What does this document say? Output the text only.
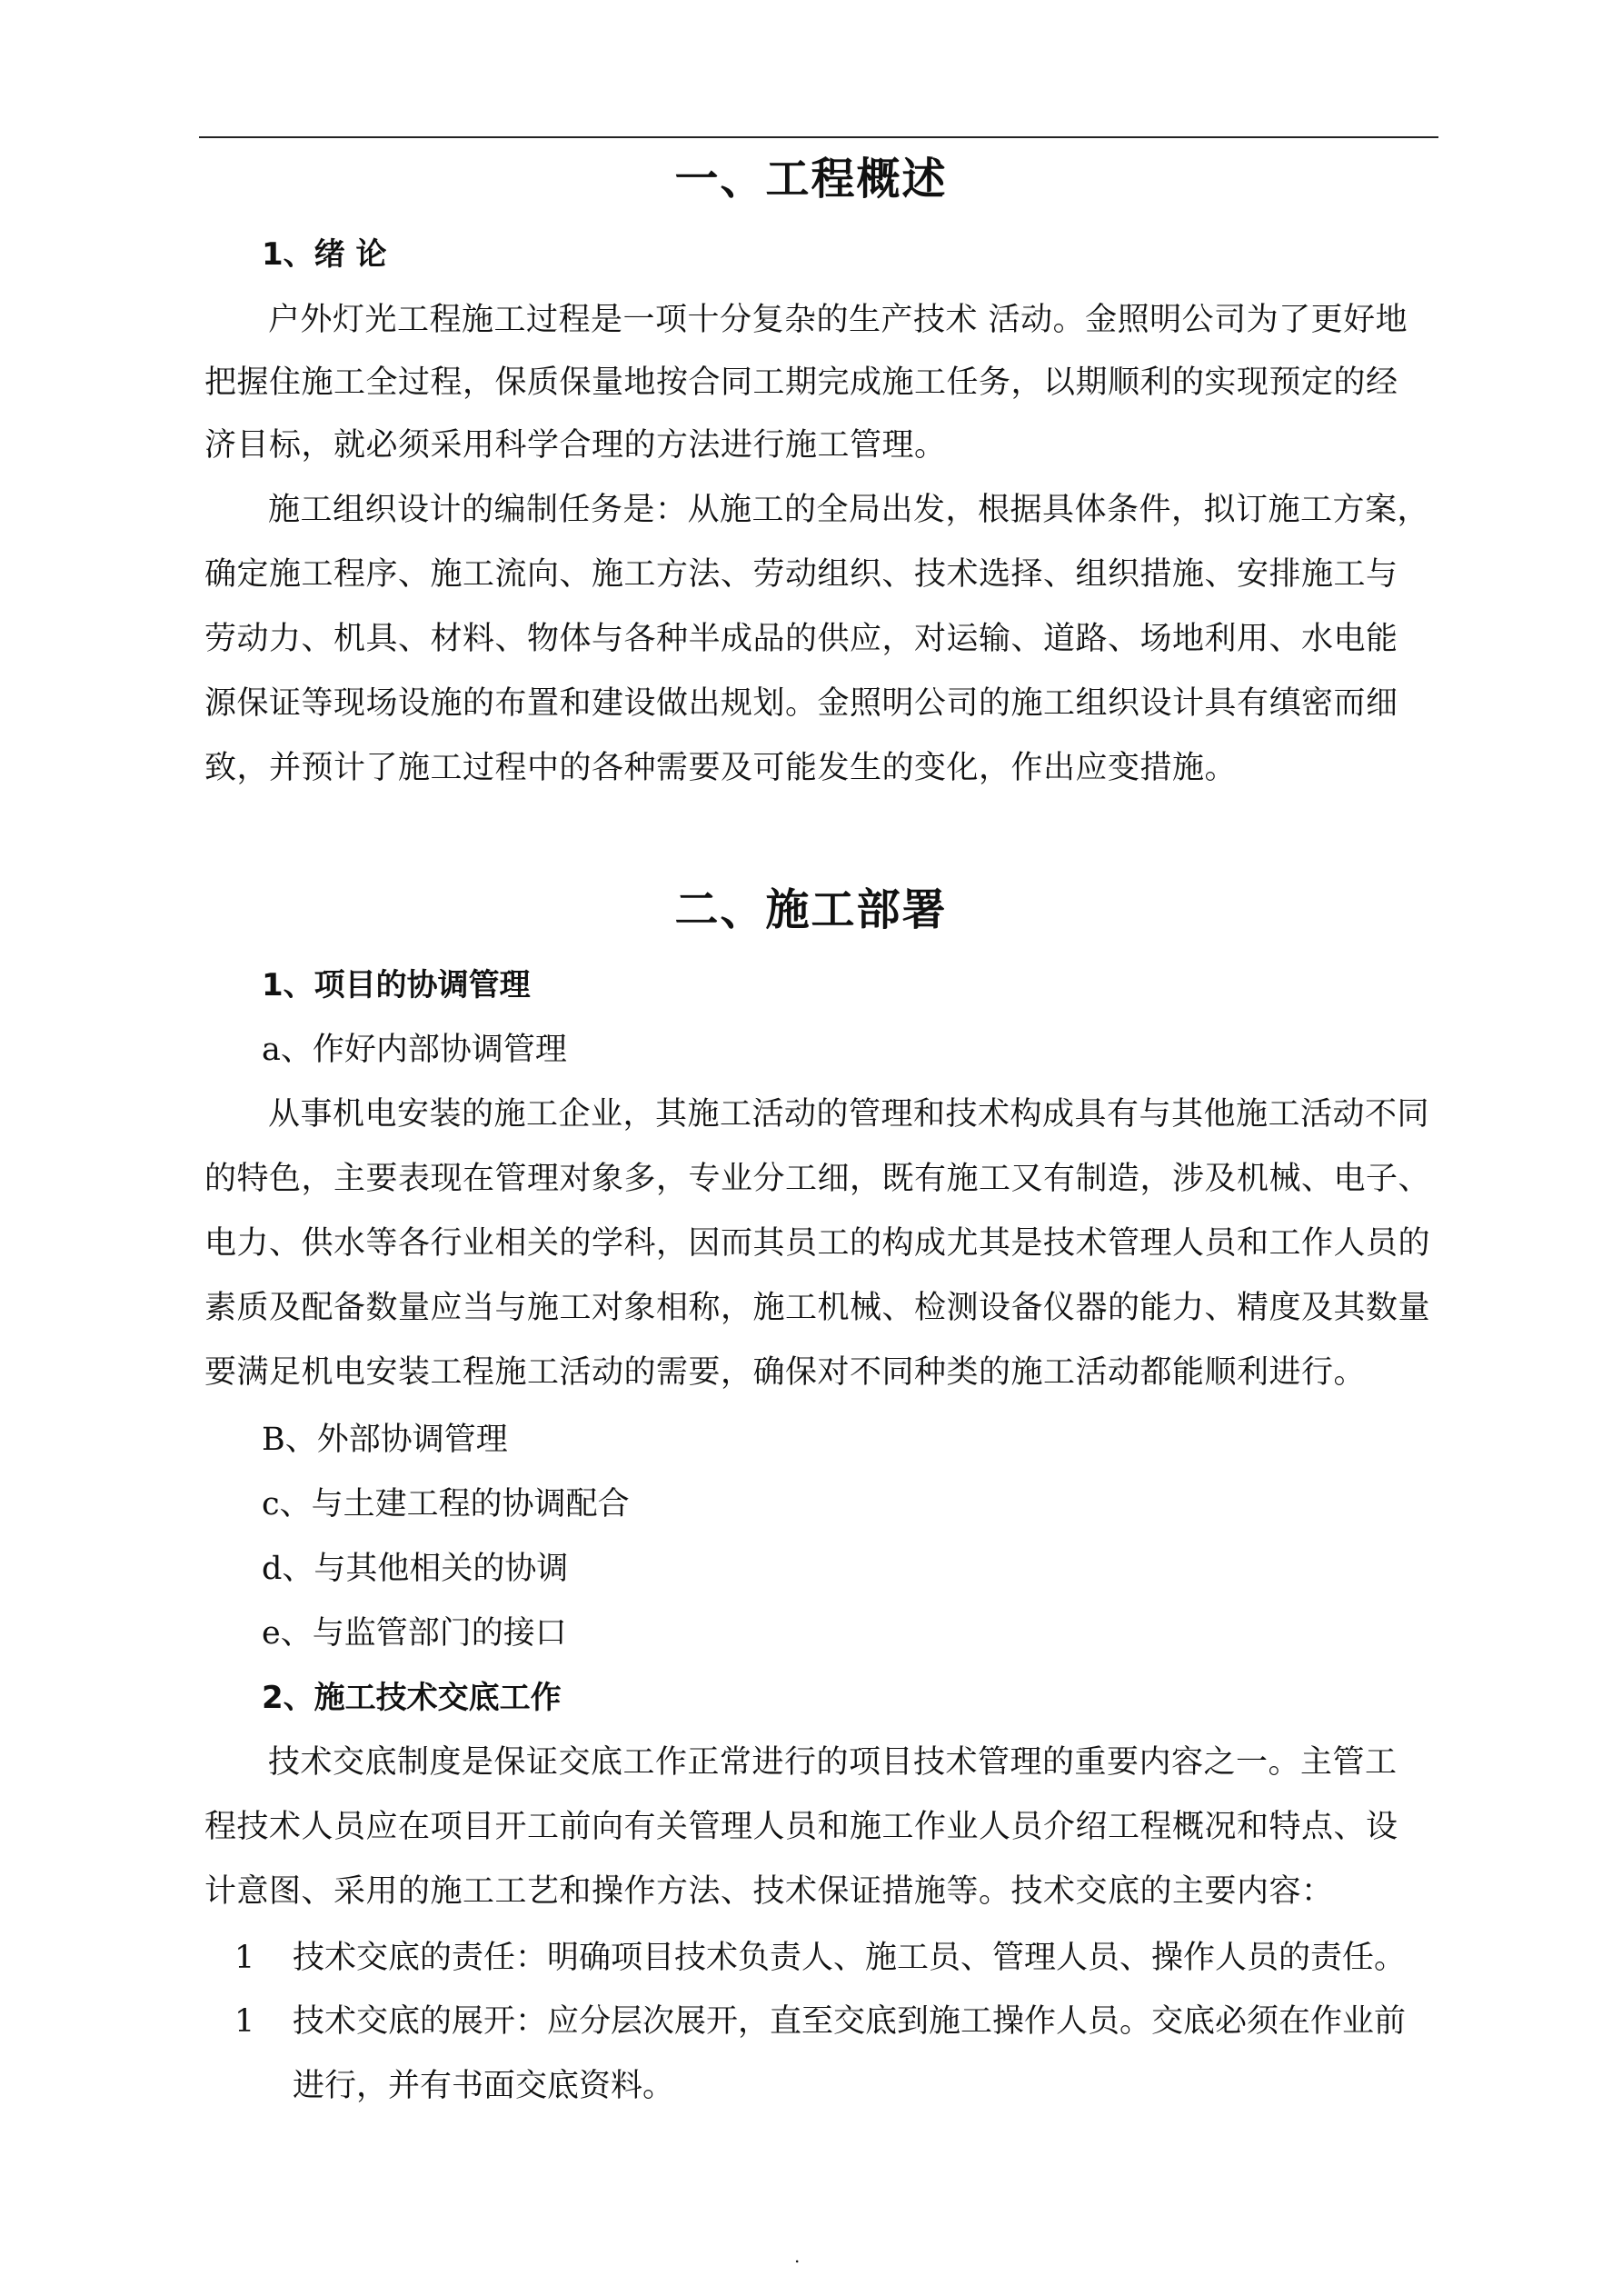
一、工程概述
1、绪 论
户外灯光工程施工过程是一项十分复杂的生产技术 活动。金照明公司为了更好地
把握住施工全过程，保质保量地按合同工期完成施工任务，以期顺利的实现预定的经
济目标，就必须采用科学合理的方法进行施工管理。
施工组织设计的编制任务是：从施工的全局出发，根据具体条件，拟订施工方案，
确定施工程序、施工流向、施工方法、劳动组织、技术选择、组织措施、安排施工与
劳动力、机具、材料、物体与各种半成品的供应，对运输、道路、场地利用、水电能
源保证等现场设施的布置和建设做出规划。金照明公司的施工组织设计具有缜密而细
致，并预计了施工过程中的各种需要及可能发生的变化，作出应变措施。
二、施工部署
1、项目的协调管理
a、作好内部协调管理
从事机电安装的施工企业，其施工活动的管理和技术构成具有与其他施工活动不同
的特色，主要表现在管理对象多，专业分工细，既有施工又有制造，涉及机械、电子、
电力、供水等各行业相关的学科，因而其员工的构成尤其是技术管理人员和工作人员的
素质及配备数量应当与施工对象相称，施工机械、检测设备仪器的能力、精度及其数量
要满足机电安装工程施工活动的需要，确保对不同种类的施工活动都能顺利进行。
B、外部协调管理
c、与土建工程的协调配合
d、与其他相关的协调
e、与监管部门的接口
2、施工技术交底工作
技术交底制度是保证交底工作正常进行的项目技术管理的重要内容之一。主管工
程技术人员应在项目开工前向有关管理人员和施工作业人员介绍工程概况和特点、设
计意图、采用的施工工艺和操作方法、技术保证措施等。技术交底的主要内容：
1 技术交底的责任：明确项目技术负责人、施工员、管理人员、操作人员的责任。
1 技术交底的展开：应分层次展开，直至交底到施工操作人员。交底必须在作业前
进行，并有书面交底资料。
.
